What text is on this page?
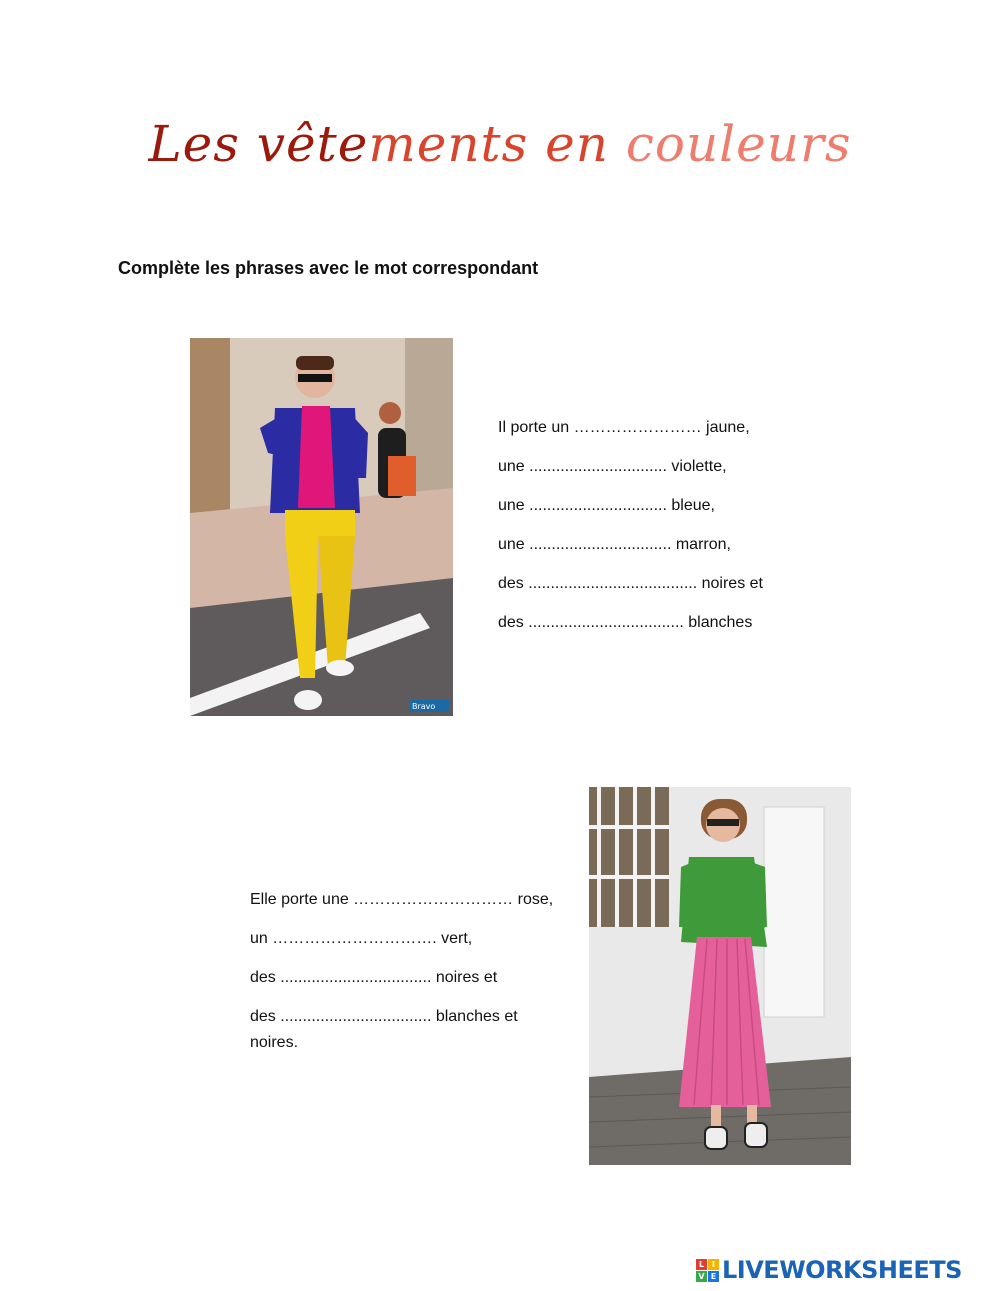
Les vêtements en couleurs
Complète les phrases avec le mot correspondant
Bravo
Il porte un …………………… jaune,
une ............................... violette,
une ............................... bleue,
une ................................ marron,
des ...................................... noires et
des ................................... blanches
Elle porte une ………………………… rose,
un …………………………. vert,
des .................................. noires et
des .................................. blanches et noires.
L I
V E LIVEWORKSHEETS
